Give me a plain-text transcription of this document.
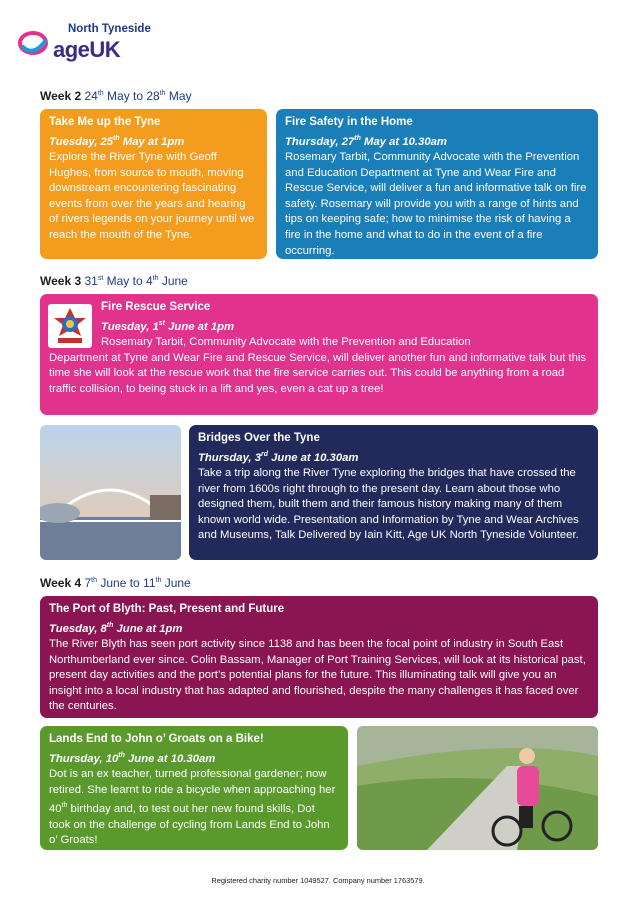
North Tyneside
ageUK
Week 2 24th May to 28th May
Take Me up the Tyne
Tuesday, 25th May at 1pm
Explore the River Tyne with Geoff Hughes, from source to mouth, moving downstream encountering fascinating events from over the years and hearing of rivers legends on your journey until we reach the mouth of the Tyne.
Fire Safety in the Home
Thursday, 27th May at 10.30am
Rosemary Tarbit, Community Advocate with the Prevention and Education Department at Tyne and Wear Fire and Rescue Service, will deliver a fun and informative talk on fire safety. Rosemary will provide you with a range of hints and tips on keeping safe; how to minimise the risk of having a fire in the home and what to do in the event of a fire occurring.
Week 3 31st May to 4th June
Fire Rescue Service
Tuesday, 1st June at 1pm
Rosemary Tarbit, Community Advocate with the Prevention and Education
Department at Tyne and Wear Fire and Rescue Service, will deliver another fun and informative talk but this time she will look at the rescue work that the fire service carries out. This could be anything from a road traffic collision, to being stuck in a lift and yes, even a cat up a tree!
Bridges Over the Tyne
Thursday, 3rd June at 10.30am
Take a trip along the River Tyne exploring the bridges that have crossed the river from 1600s right through to the present day. Learn about those who designed them, built them and their famous history making many of them known world wide. Presentation and Information by Tyne and Wear Archives and Museums, Talk Delivered by Iain Kitt, Age UK North Tyneside Volunteer.
Week 4 7th June to 11th June
The Port of Blyth: Past, Present and Future
Tuesday, 8th June at 1pm
The River Blyth has seen port activity since 1138 and has been the focal point of industry in South East Northumberland ever since. Colin Bassam, Manager of Port Training Services, will look at its historical past, present day activities and the port’s potential plans for the future. This illuminating talk will give you an insight into a local industry that has adapted and flourished, despite the many challenges it has faced over the centuries.
Lands End to John o’ Groats on a Bike!
Thursday, 10th June at 10.30am
Dot is an ex teacher, turned professional gardener; now retired. She learnt to ride a bicycle when approaching her 40th birthday and, to test out her new found skills, Dot took on the challenge of cycling from Lands End to John o’ Groats!
Registered charity number 1049527. Company number 1763579.
